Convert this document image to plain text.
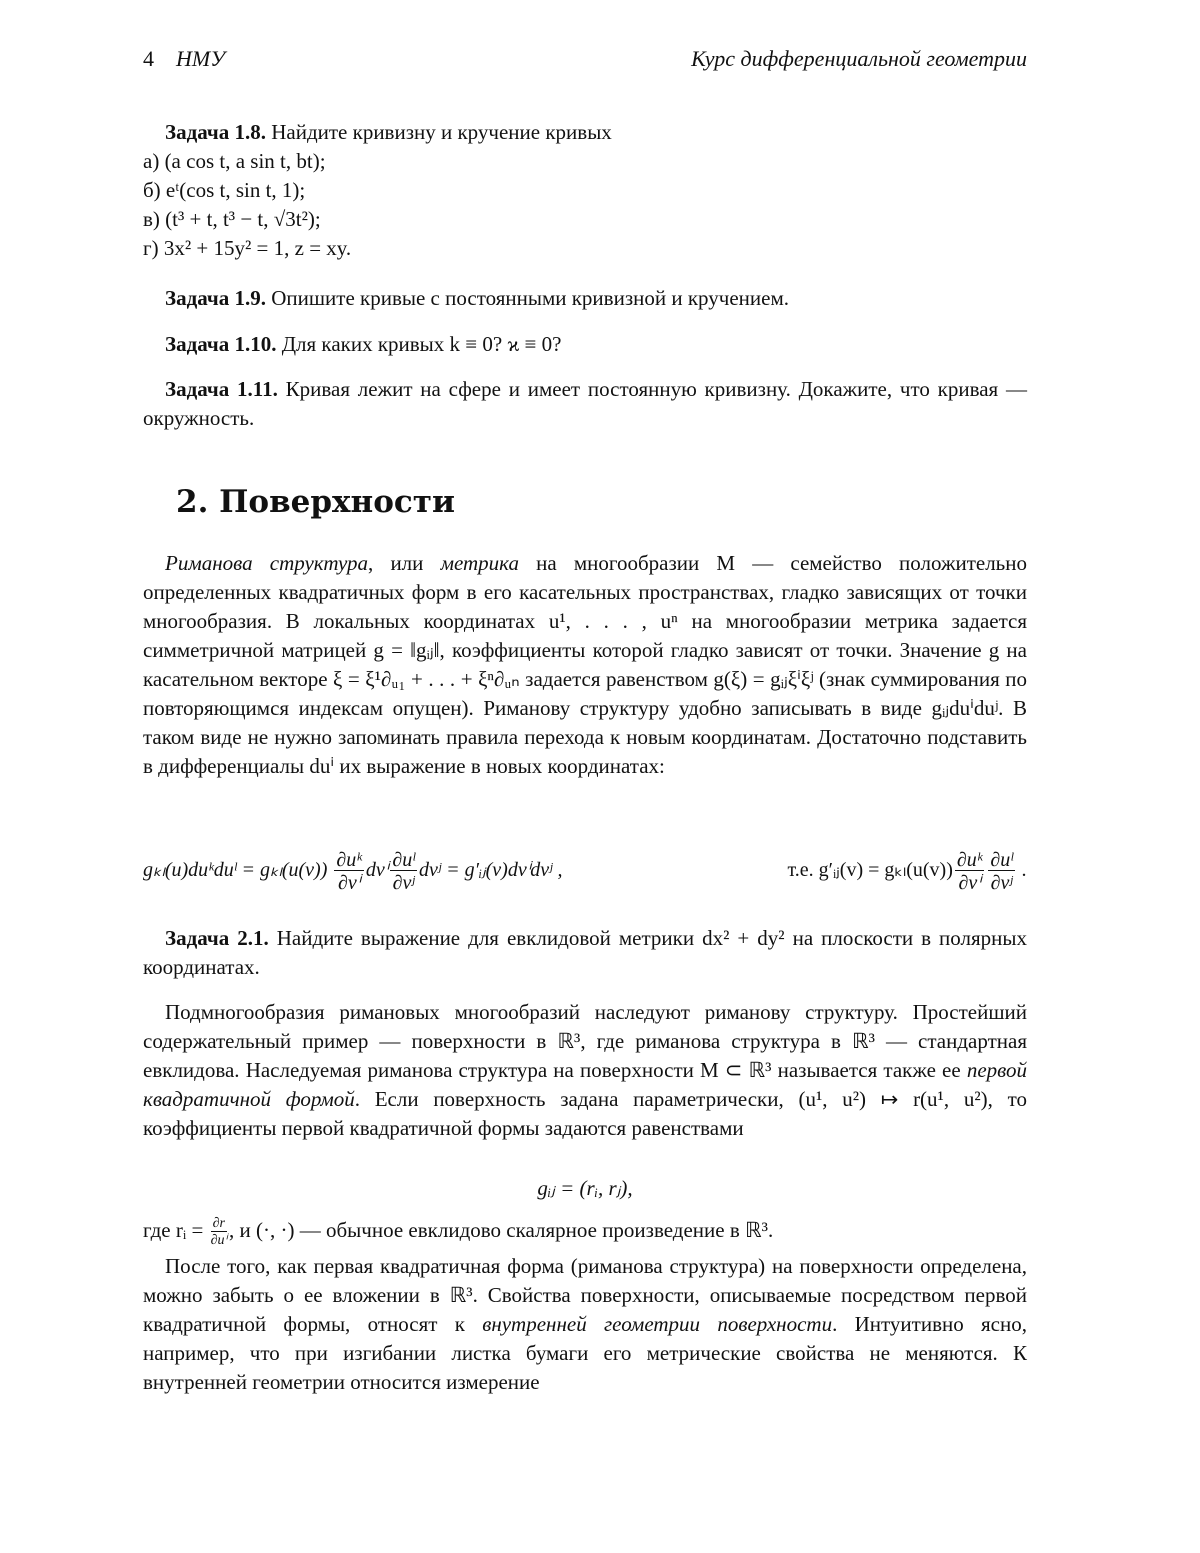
4 НМУ	Курс дифференциальной геометрии

Задача 1.8. Найдите кривизну и кручение кривых

а) (a cos t, a sin t, bt);

б) eᵗ(cos t, sin t, 1);

в) (t³ + t, t³ − t, √3t²);

г) 3x² + 15y² = 1, z = xy.

Задача 1.9. Опишите кривые с постоянными кривизной и кручением.

Задача 1.10. Для каких кривых k ≡ 0? ϰ ≡ 0?

Задача 1.11. Кривая лежит на сфере и имеет постоянную кривизну. Докажите, что кривая — окружность.

2. Поверхности

Риманова структура, или метрика на многообразии M — семейство положительно определенных квадратичных форм в его касательных пространствах, гладко зависящих от точки многообразия. В локальных координатах u¹, . . . , uⁿ на многообразии метрика задается симметричной матрицей g = ‖gᵢⱼ‖, коэффициенты которой гладко зависят от точки. Значение g на касательном векторе ξ = ξ¹∂ᵤ₁ + . . . + ξⁿ∂ᵤₙ задается равенством g(ξ) = gᵢⱼξⁱξʲ (знак суммирования по повторяющимся индексам опущен). Риманову структуру удобно записывать в виде gᵢⱼduⁱduʲ. В таком виде не нужно запоминать правила перехода к новым координатам. Достаточно подставить в дифференциалы duⁱ их выражение в новых координатах:

gₖₗ(u)duᵏduˡ = $g_{kl}(u(v)) \frac{\text{∂uᵏ}}{\text{∂vⁱ}}$ dvⁱ $\frac{\text{∂uˡ}}{\text{∂vʲ}}$ dvʲ = g′ᵢⱼ(v)dvⁱdvʲ ,	т.е. g′ᵢⱼ(v) = $g_{kl}(u(v)) \frac{\text{∂uᵏ}}{\text{∂vⁱ}} \frac{\text{∂uˡ}}{\text{∂vʲ}}$ .

Задача 2.1. Найдите выражение для евклидовой метрики dx² + dy² на плоскости в полярных координатах.

Подмногообразия римановых многообразий наследуют риманову структуру. Простейший содержательный пример — поверхности в ℝ³, где риманова структура в ℝ³ — стандартная евклидова. Наследуемая риманова структура на поверхности M ⊂ ℝ³ называется также ее первой квадратичной формой. Если поверхность задана параметрически, (u¹, u²) ↦ r(u¹, u²), то коэффициенты первой квадратичной формы задаются равенствами

gᵢⱼ = (rᵢ, rⱼ),

где rᵢ = $\frac{\partial r}{\text{∂uⁱ}}$ , и (·, ·) — обычное евклидово скалярное произведение в ℝ³.

После того, как первая квадратичная форма (риманова структура) на поверхности определена, можно забыть о ее вложении в ℝ³. Свойства поверхности, описываемые посредством первой квадратичной формы, относят к внутренней геометрии поверхности. Интуитивно ясно, например, что при изгибании листка бумаги его метрические свойства не меняются. К внутренней геометрии относится измерение
